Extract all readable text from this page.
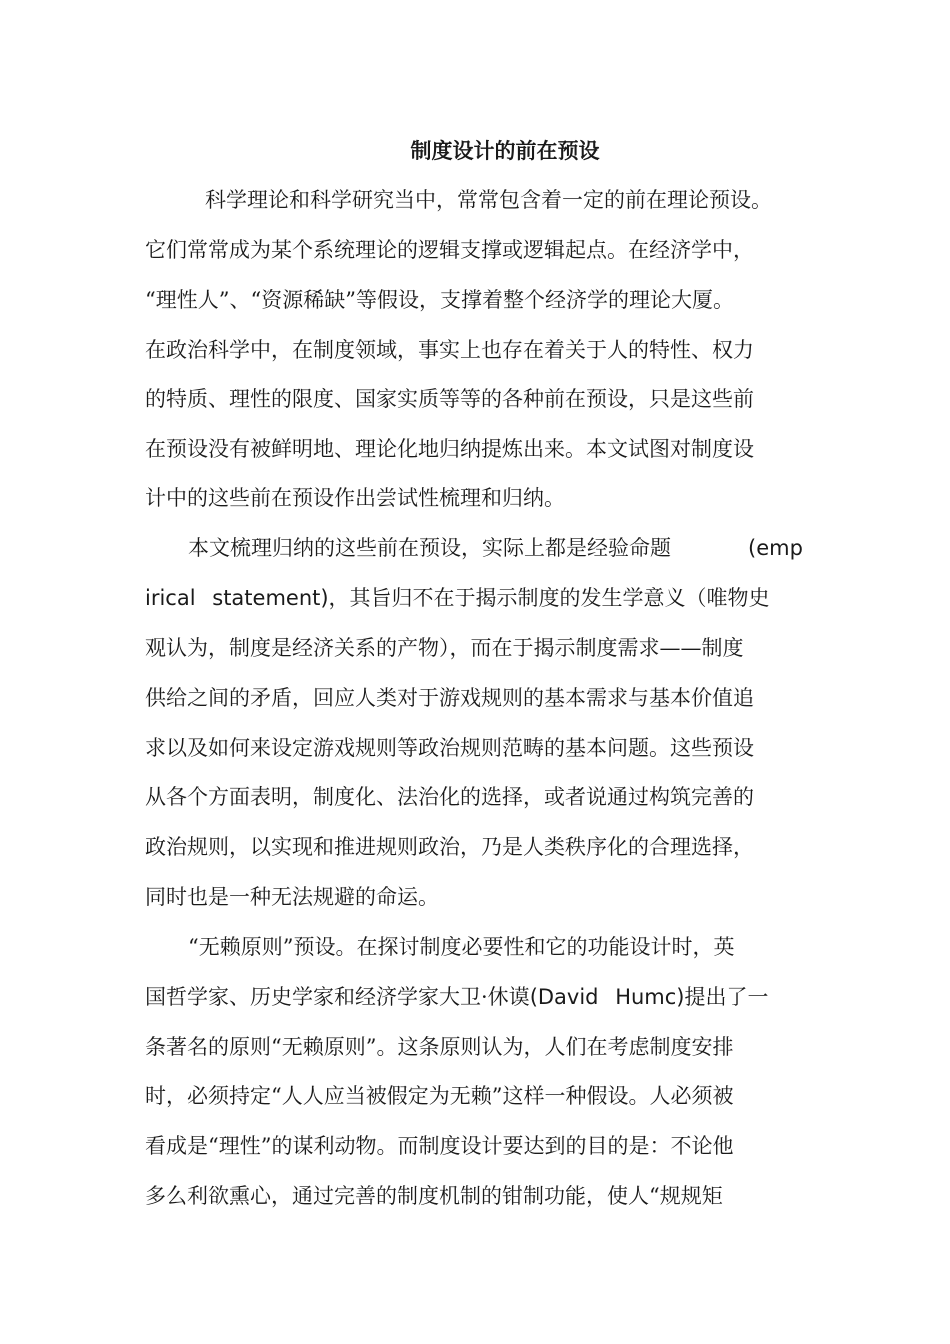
制度设计的前在预设
科学理论和科学研究当中，常常包含着一定的前在理论预设。
它们常常成为某个系统理论的逻辑支撑或逻辑起点。在经济学中，
“理性人”、“资源稀缺”等假设，支撑着整个经济学的理论大厦。
在政治科学中，在制度领域，事实上也存在着关于人的特性、权力
的特质、理性的限度、国家实质等等的各种前在预设，只是这些前
在预设没有被鲜明地、理论化地归纳提炼出来。本文试图对制度设
计中的这些前在预设作出尝试性梳理和归纳。
本文梳理归纳的这些前在预设，实际上都是经验命题	(emp
irical statement)，其旨归不在于揭示制度的发生学意义（唯物史
观认为，制度是经济关系的产物），而在于揭示制度需求——制度
供给之间的矛盾，回应人类对于游戏规则的基本需求与基本价值追
求以及如何来设定游戏规则等政治规则范畴的基本问题。这些预设
从各个方面表明，制度化、法治化的选择，或者说通过构筑完善的
政治规则，以实现和推进规则政治，乃是人类秩序化的合理选择，
同时也是一种无法规避的命运。
“无赖原则”预设。在探讨制度必要性和它的功能设计时，英
国哲学家、历史学家和经济学家大卫·休谟(David Humc)提出了一
条著名的原则“无赖原则”。这条原则认为，人们在考虑制度安排
时，必须持定“人人应当被假定为无赖”这样一种假设。人必须被
看成是“理性”的谋利动物。而制度设计要达到的目的是：不论他
多么利欲熏心，通过完善的制度机制的钳制功能，使人“规规矩
